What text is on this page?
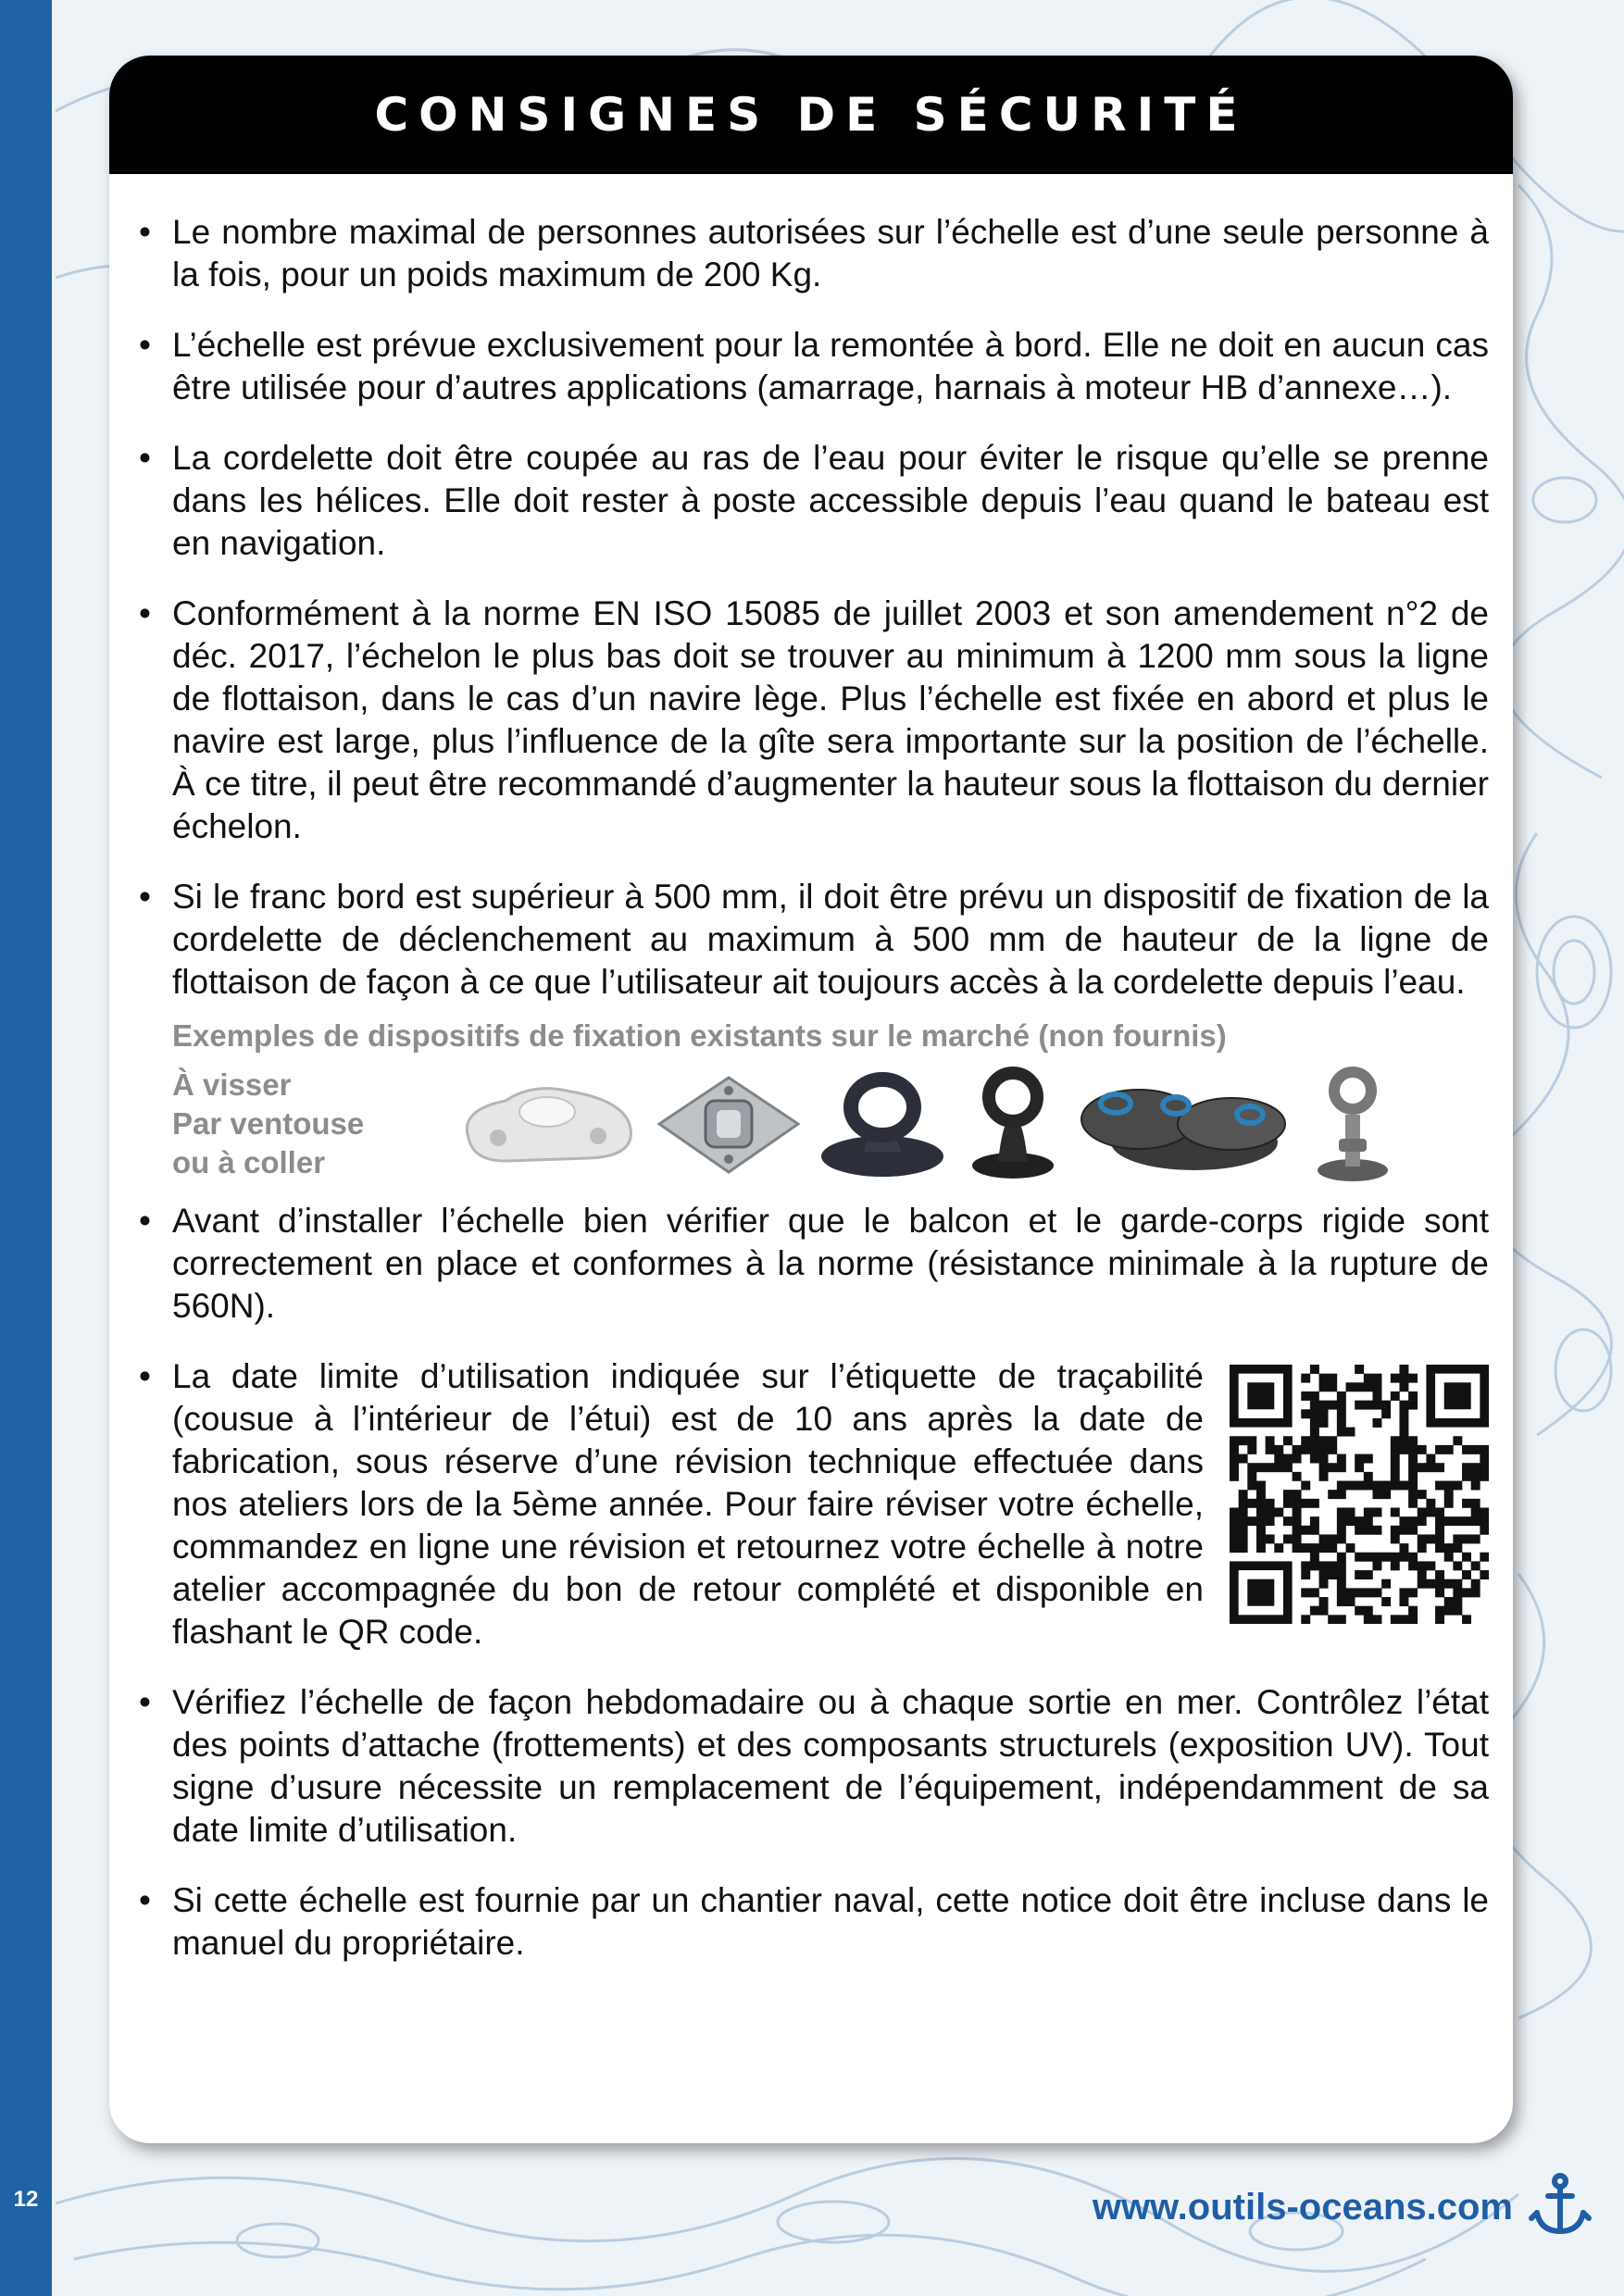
12
CONSIGNES DE SÉCURITÉ
• Le nombre maximal de personnes autorisées sur l’échelle est d’une seule personne à la fois, pour un poids maximum de 200 Kg.
• L’échelle est prévue exclusivement pour la remontée à bord. Elle ne doit en aucun cas être utilisée pour d’autres applications (amarrage, harnais à moteur HB d’annexe…).
• La cordelette doit être coupée au ras de l’eau pour éviter le risque qu’elle se prenne dans les hélices. Elle doit rester à poste accessible depuis l’eau quand le bateau est en navigation.
• Conformément à la norme EN ISO 15085 de juillet 2003 et son amendement n°2 de déc. 2017, l’échelon le plus bas doit se trouver au minimum à 1200 mm sous la ligne de flottaison, dans le cas d’un navire lège. Plus l’échelle est fixée en abord et plus le navire est large, plus l’influence de la gîte sera importante sur la position de l’échelle. À ce titre, il peut être recommandé d’augmenter la hauteur sous la flottaison du dernier échelon.
• Si le franc bord est supérieur à 500 mm, il doit être prévu un dispositif de fixation de la cordelette de déclenchement au maximum à 500 mm de hauteur de la ligne de flottaison de façon à ce que l’utilisateur ait toujours accès à la cordelette depuis l’eau.
Exemples de dispositifs de fixation existants sur le marché (non fournis)
À visser
Par ventouse
ou à coller
• Avant d’installer l’échelle bien vérifier que le balcon et le garde-corps rigide sont correctement en place et conformes à la norme (résistance minimale à la rupture de 560N).
• La date limite d’utilisation indiquée sur l’étiquette de traçabilité (cousue à l’intérieur de l’étui) est de 10 ans après la date de fabrication, sous réserve d’une révision technique effectuée dans nos ateliers lors de la 5ème année. Pour faire réviser votre échelle, commandez en ligne une révision et retournez votre échelle à notre atelier accompagnée du bon de retour complété et disponible en flashant le QR code.
• Vérifiez l’échelle de façon hebdomadaire ou à chaque sortie en mer. Contrôlez l’état des points d’attache (frottements) et des composants structurels (exposition UV). Tout signe d’usure nécessite un remplacement de l’équipement, indépendamment de sa date limite d’utilisation.
• Si cette échelle est fournie par un chantier naval, cette notice doit être incluse dans le manuel du propriétaire.
www.outils-oceans.com
